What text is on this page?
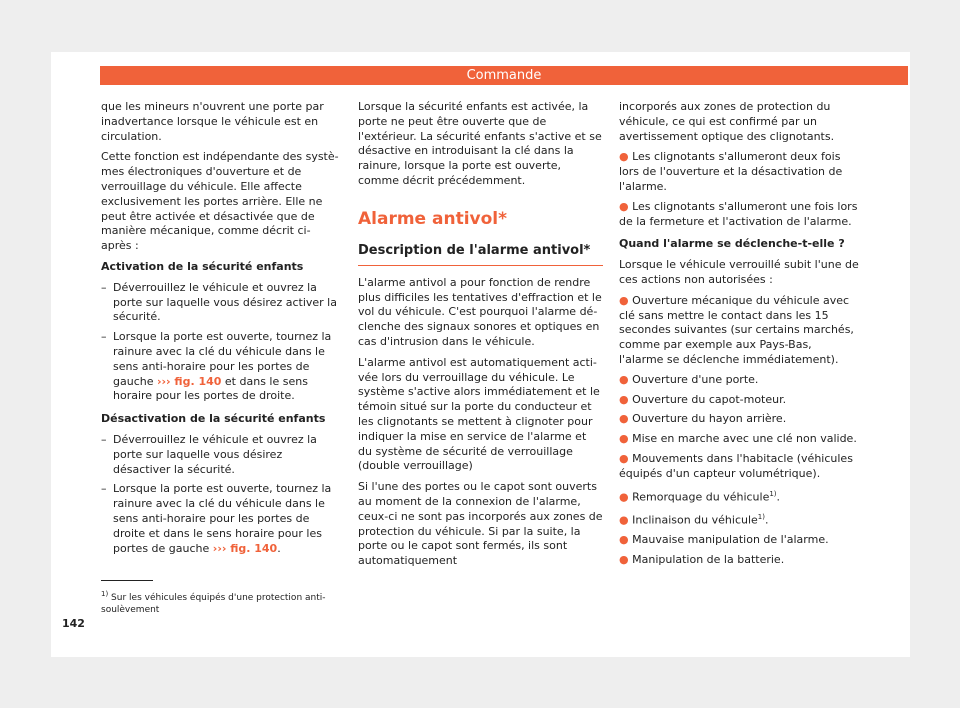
Commande

que les mineurs n'ouvrent une porte par inadvertance lorsque le véhicule est en circulation.

Cette fonction est indépendante des systèmes électroniques d'ouverture et de verrouillage du véhicule. Elle affecte exclusivement les portes arrière. Elle ne peut être activée et désactivée que de manière mécanique, comme décrit ci-après :

Activation de la sécurité enfants

– Déverrouillez le véhicule et ouvrez la porte sur laquelle vous désirez activer la sécurité.
– Lorsque la porte est ouverte, tournez la rainure avec la clé du véhicule dans le sens anti-horaire pour les portes de gauche ››› fig. 140 et dans le sens horaire pour les portes de droite.

Désactivation de la sécurité enfants

– Déverrouillez le véhicule et ouvrez la porte sur laquelle vous désirez désactiver la sécurité.
– Lorsque la porte est ouverte, tournez la rainure avec la clé du véhicule dans le sens anti-horaire pour les portes de droite et dans le sens horaire pour les portes de gauche ››› fig. 140.

Lorsque la sécurité enfants est activée, la porte ne peut être ouverte que de l'extérieur. La sécurité enfants s'active et se désactive en introduisant la clé dans la rainure, lorsque la porte est ouverte, comme décrit précédemment.

Alarme antivol*
Description de l'alarme antivol*

L'alarme antivol a pour fonction de rendre plus difficiles les tentatives d'effraction et le vol du véhicule. C'est pourquoi l'alarme déclenche des signaux sonores et optiques en cas d'intrusion dans le véhicule.

L'alarme antivol est automatiquement activée lors du verrouillage du véhicule. Le système s'active alors immédiatement et le témoin situé sur la porte du conducteur et les clignotants se mettent à clignoter pour indiquer la mise en service de l'alarme et du système de sécurité de verrouillage (double verrouillage)

Si l'une des portes ou le capot sont ouverts au moment de la connexion de l'alarme, ceux-ci ne sont pas incorporés aux zones de protection du véhicule. Si par la suite, la porte ou le capot sont fermés, ils sont automatiquement

incorporés aux zones de protection du véhicule, ce qui est confirmé par un avertissement optique des clignotants.

● Les clignotants s'allumeront deux fois lors de l'ouverture et la désactivation de l'alarme.
● Les clignotants s'allumeront une fois lors de la fermeture et l'activation de l'alarme.

Quand l'alarme se déclenche-t-elle ?

Lorsque le véhicule verrouillé subit l'une de ces actions non autorisées :

● Ouverture mécanique du véhicule avec clé sans mettre le contact dans les 15 secondes suivantes (sur certains marchés, comme par exemple aux Pays-Bas, l'alarme se déclenche immédiatement).
● Ouverture d'une porte.
● Ouverture du capot-moteur.
● Ouverture du hayon arrière.
● Mise en marche avec une clé non valide.
● Mouvements dans l'habitacle (véhicules équipés d'un capteur volumétrique).
● Remorquage du véhicule$^{1)}$.
● Inclinaison du véhicule$^{1)}$.
● Mauvaise manipulation de l'alarme.
● Manipulation de la batterie.
$^{1)}$ Sur les véhicules équipés d'une protection anti-soulèvement
142
